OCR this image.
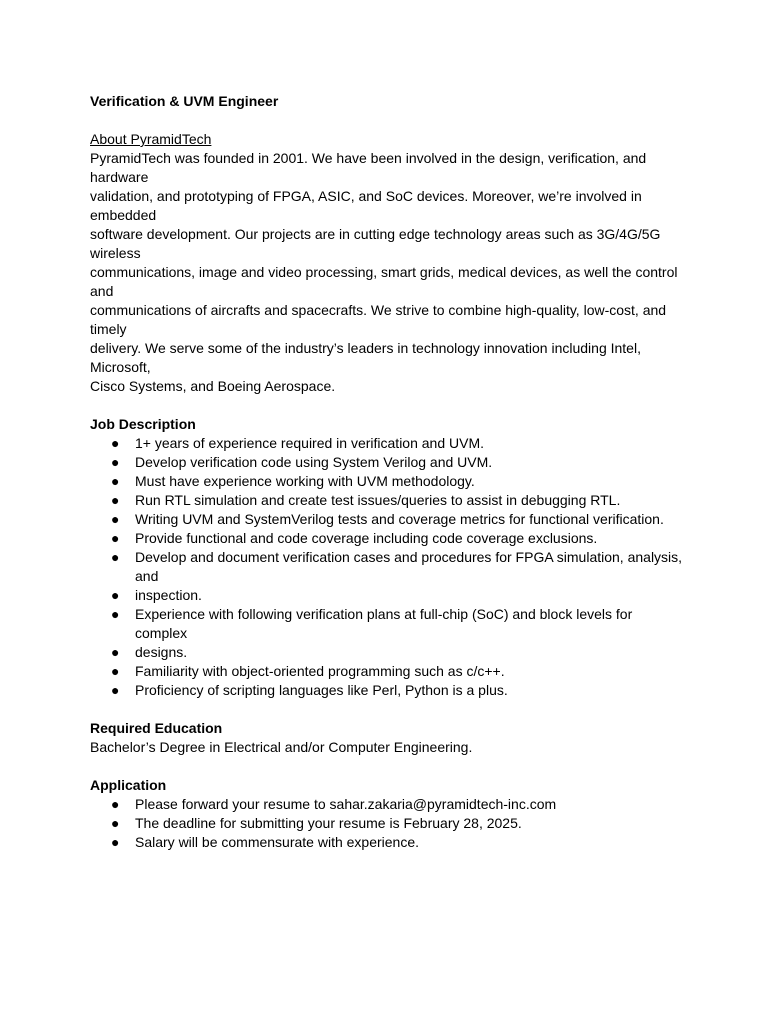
Verification & UVM Engineer

About PyramidTech

PyramidTech was founded in 2001. We have been involved in the design, verification, and

hardware

validation, and prototyping of FPGA, ASIC, and SoC devices. Moreover, we’re involved in

embedded

software development. Our projects are in cutting edge technology areas such as 3G/4G/5G

wireless

communications, image and video processing, smart grids, medical devices, as well the control

and

communications of aircrafts and spacecrafts. We strive to combine high-quality, low-cost, and

timely

delivery. We serve some of the industry’s leaders in technology innovation including Intel,

Microsoft,

Cisco Systems, and Boeing Aerospace.

Job Description

● 1+ years of experience required in verification and UVM.
● Develop verification code using System Verilog and UVM.
● Must have experience working with UVM methodology.
● Run RTL simulation and create test issues/queries to assist in debugging RTL.
● Writing UVM and SystemVerilog tests and coverage metrics for functional verification.
● Provide functional and code coverage including code coverage exclusions.
● Develop and document verification cases and procedures for FPGA simulation, analysis,
and
● inspection.
● Experience with following verification plans at full-chip (SoC) and block levels for
complex
● designs.
● Familiarity with object-oriented programming such as c/c++.
● Proficiency of scripting languages like Perl, Python is a plus.

Required Education

Bachelor’s Degree in Electrical and/or Computer Engineering.

Application

● Please forward your resume to sahar.zakaria@pyramidtech-inc.com
● The deadline for submitting your resume is February 28, 2025.
● Salary will be commensurate with experience.
